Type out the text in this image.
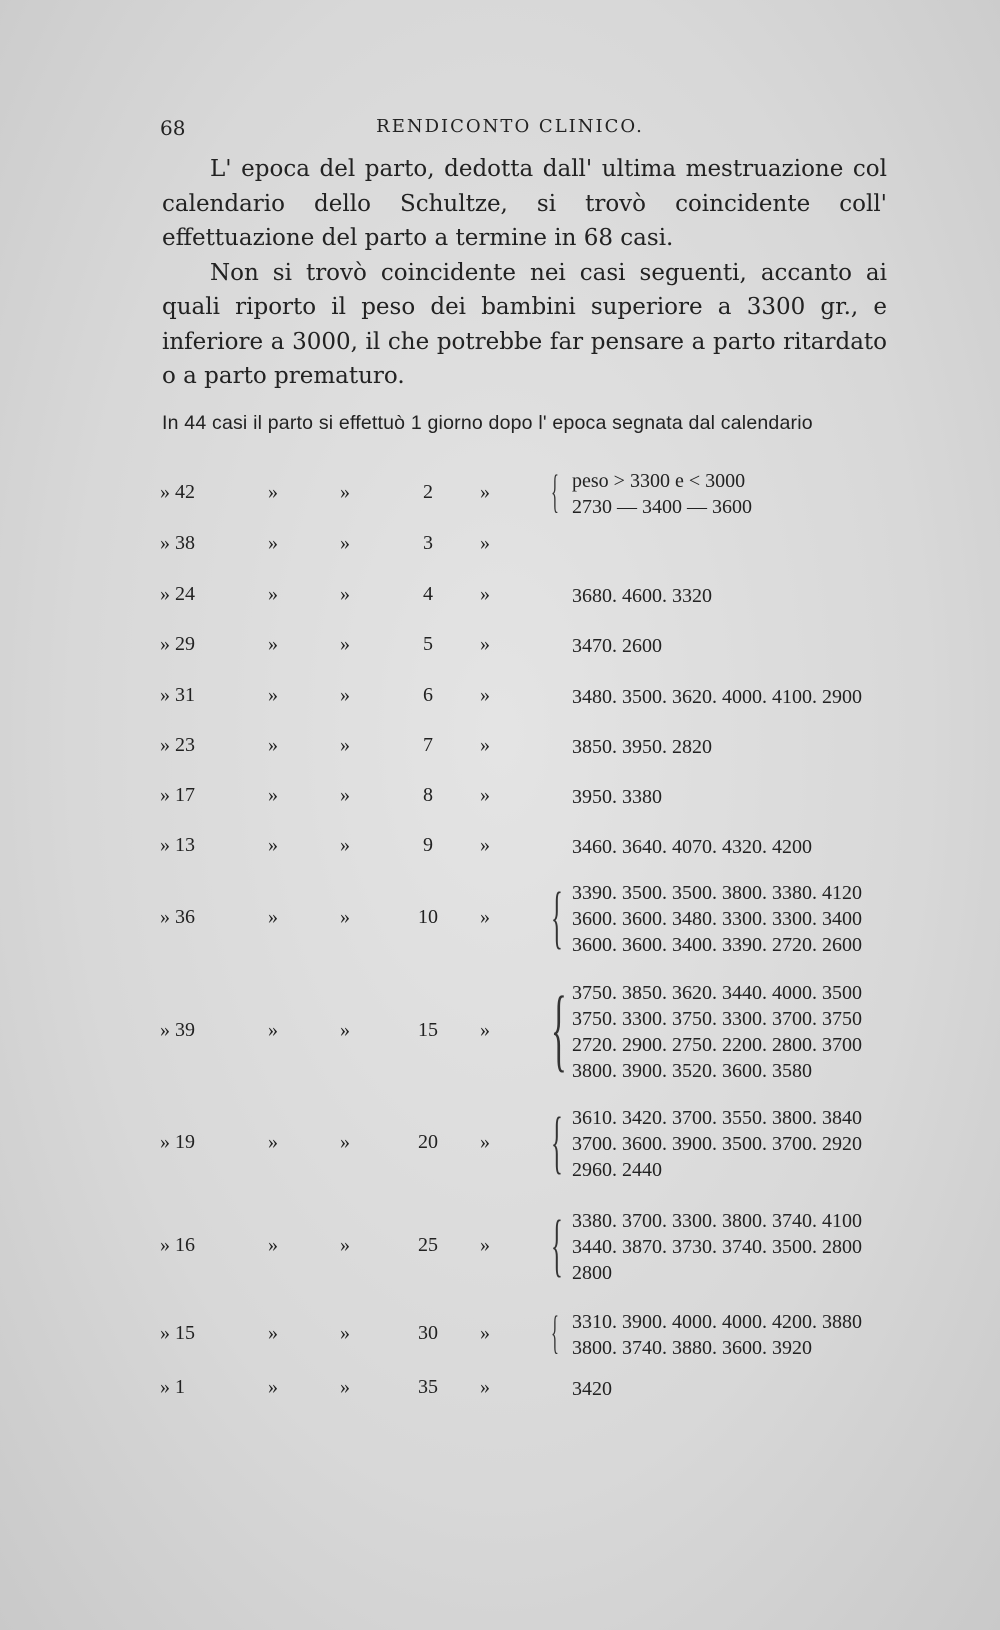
68	RENDICONTO CLINICO.

L' epoca del parto, dedotta dall' ultima mestruazione col calendario dello Schultze, si trovò coincidente coll' effettuazione del parto a termine in 68 casi.

Non si trovò coincidente nei casi seguenti, accanto ai quali riporto il peso dei bambini superiore a 3300 gr., e inferiore a 3000, il che potrebbe far pensare a parto ritardato o a parto prematuro.

In 44 casi il parto si effettuò 1 giorno dopo l' epoca segnata dal calendario
» 42	»	»	2	» { peso > 3300 e < 3000
2730 — 3400 — 3600
» 38	»	»	3	»
» 24	»	»	4	»	3680. 4600. 3320
» 29	»	»	5	»	3470. 2600
» 31	»	»	6	»	3480. 3500. 3620. 4000. 4100. 2900
» 23	»	»	7	»	3850. 3950. 2820
» 17	»	»	8	»	3950. 3380
» 13	»	»	9	»	3460. 3640. 4070. 4320. 4200
» 36	»	»	10	» { 3390. 3500. 3500. 3800. 3380. 4120
3600. 3600. 3480. 3300. 3300. 3400
3600. 3600. 3400. 3390. 2720. 2600
» 39	»	»	15	» { 3750. 3850. 3620. 3440. 4000. 3500
3750. 3300. 3750. 3300. 3700. 3750
2720. 2900. 2750. 2200. 2800. 3700
3800. 3900. 3520. 3600. 3580
» 19	»	»	20	» { 3610. 3420. 3700. 3550. 3800. 3840
3700. 3600. 3900. 3500. 3700. 2920
2960. 2440
» 16	»	»	25	» { 3380. 3700. 3300. 3800. 3740. 4100
3440. 3870. 3730. 3740. 3500. 2800
2800
» 15	»	»	30	» { 3310. 3900. 4000. 4000. 4200. 3880
3800. 3740. 3880. 3600. 3920
» 1	»	»	35	»	3420
